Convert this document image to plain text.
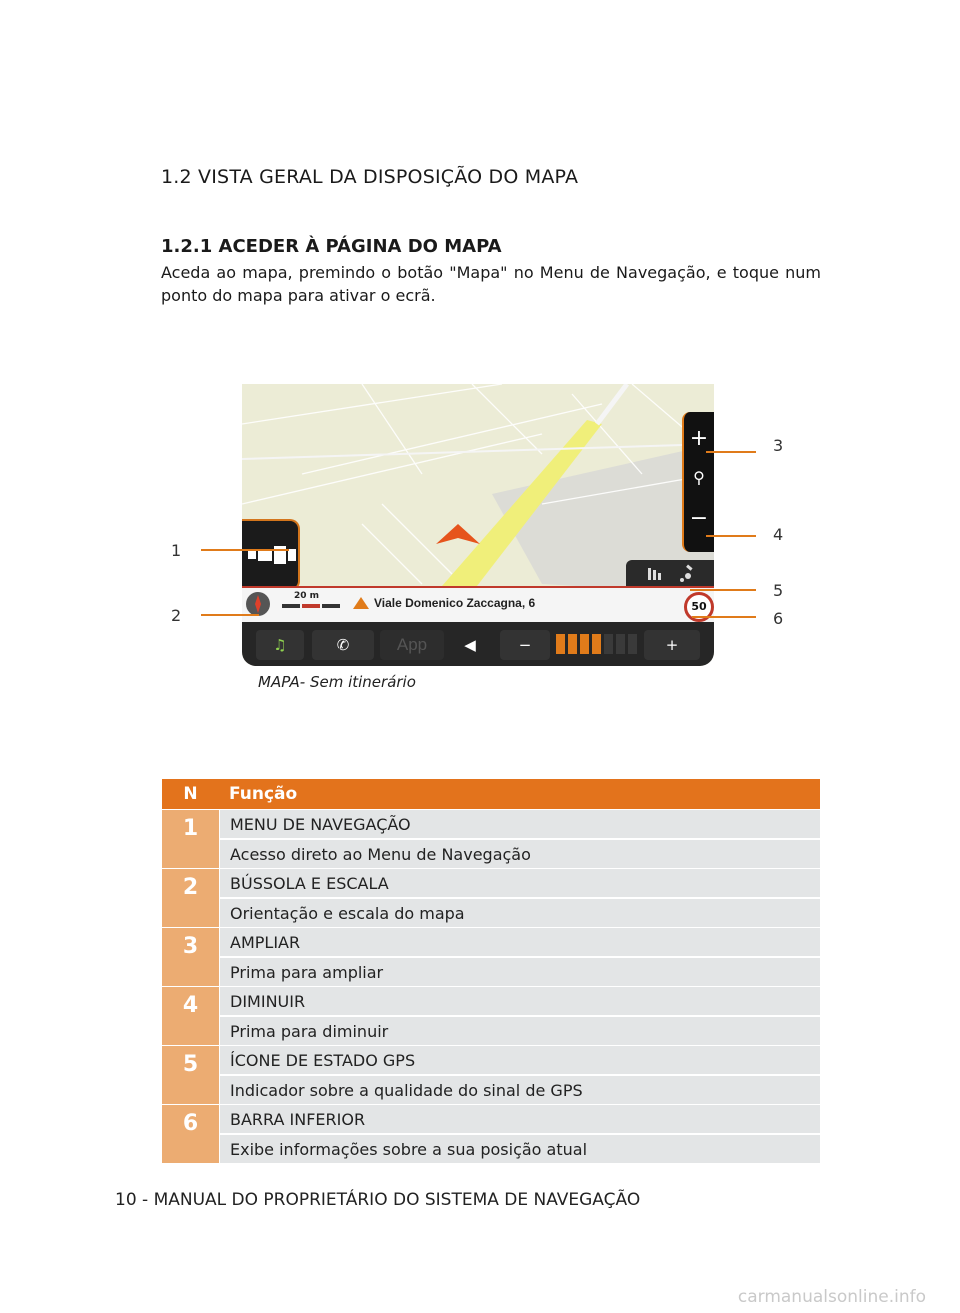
1.2 VISTA GERAL DA DISPOSIÇÃO DO MAPA
1.2.1 ACEDER À PÁGINA DO MAPA
Aceda ao mapa, premindo o botão "Mapa" no Menu de Navegação, e toque num ponto do mapa para ativar o ecrã.
+
⚲
−
20 m	Viale Domenico Zaccagna, 6	50
♫	✆	App	◀	−	+
1
2
3
4
5
6
MAPA- Sem itinerário
N	Função
1	MENU DE NAVEGAÇÃO
Acesso direto ao Menu de Navegação
2	BÚSSOLA E ESCALA
Orientação e escala do mapa
3	AMPLIAR
Prima para ampliar
4	DIMINUIR
Prima para diminuir
5	ÍCONE DE ESTADO GPS
Indicador sobre a qualidade do sinal de GPS
6	BARRA INFERIOR
Exibe informações sobre a sua posição atual
10 - MANUAL DO PROPRIETÁRIO DO SISTEMA DE NAVEGAÇÃO
carmanualsonline.info
